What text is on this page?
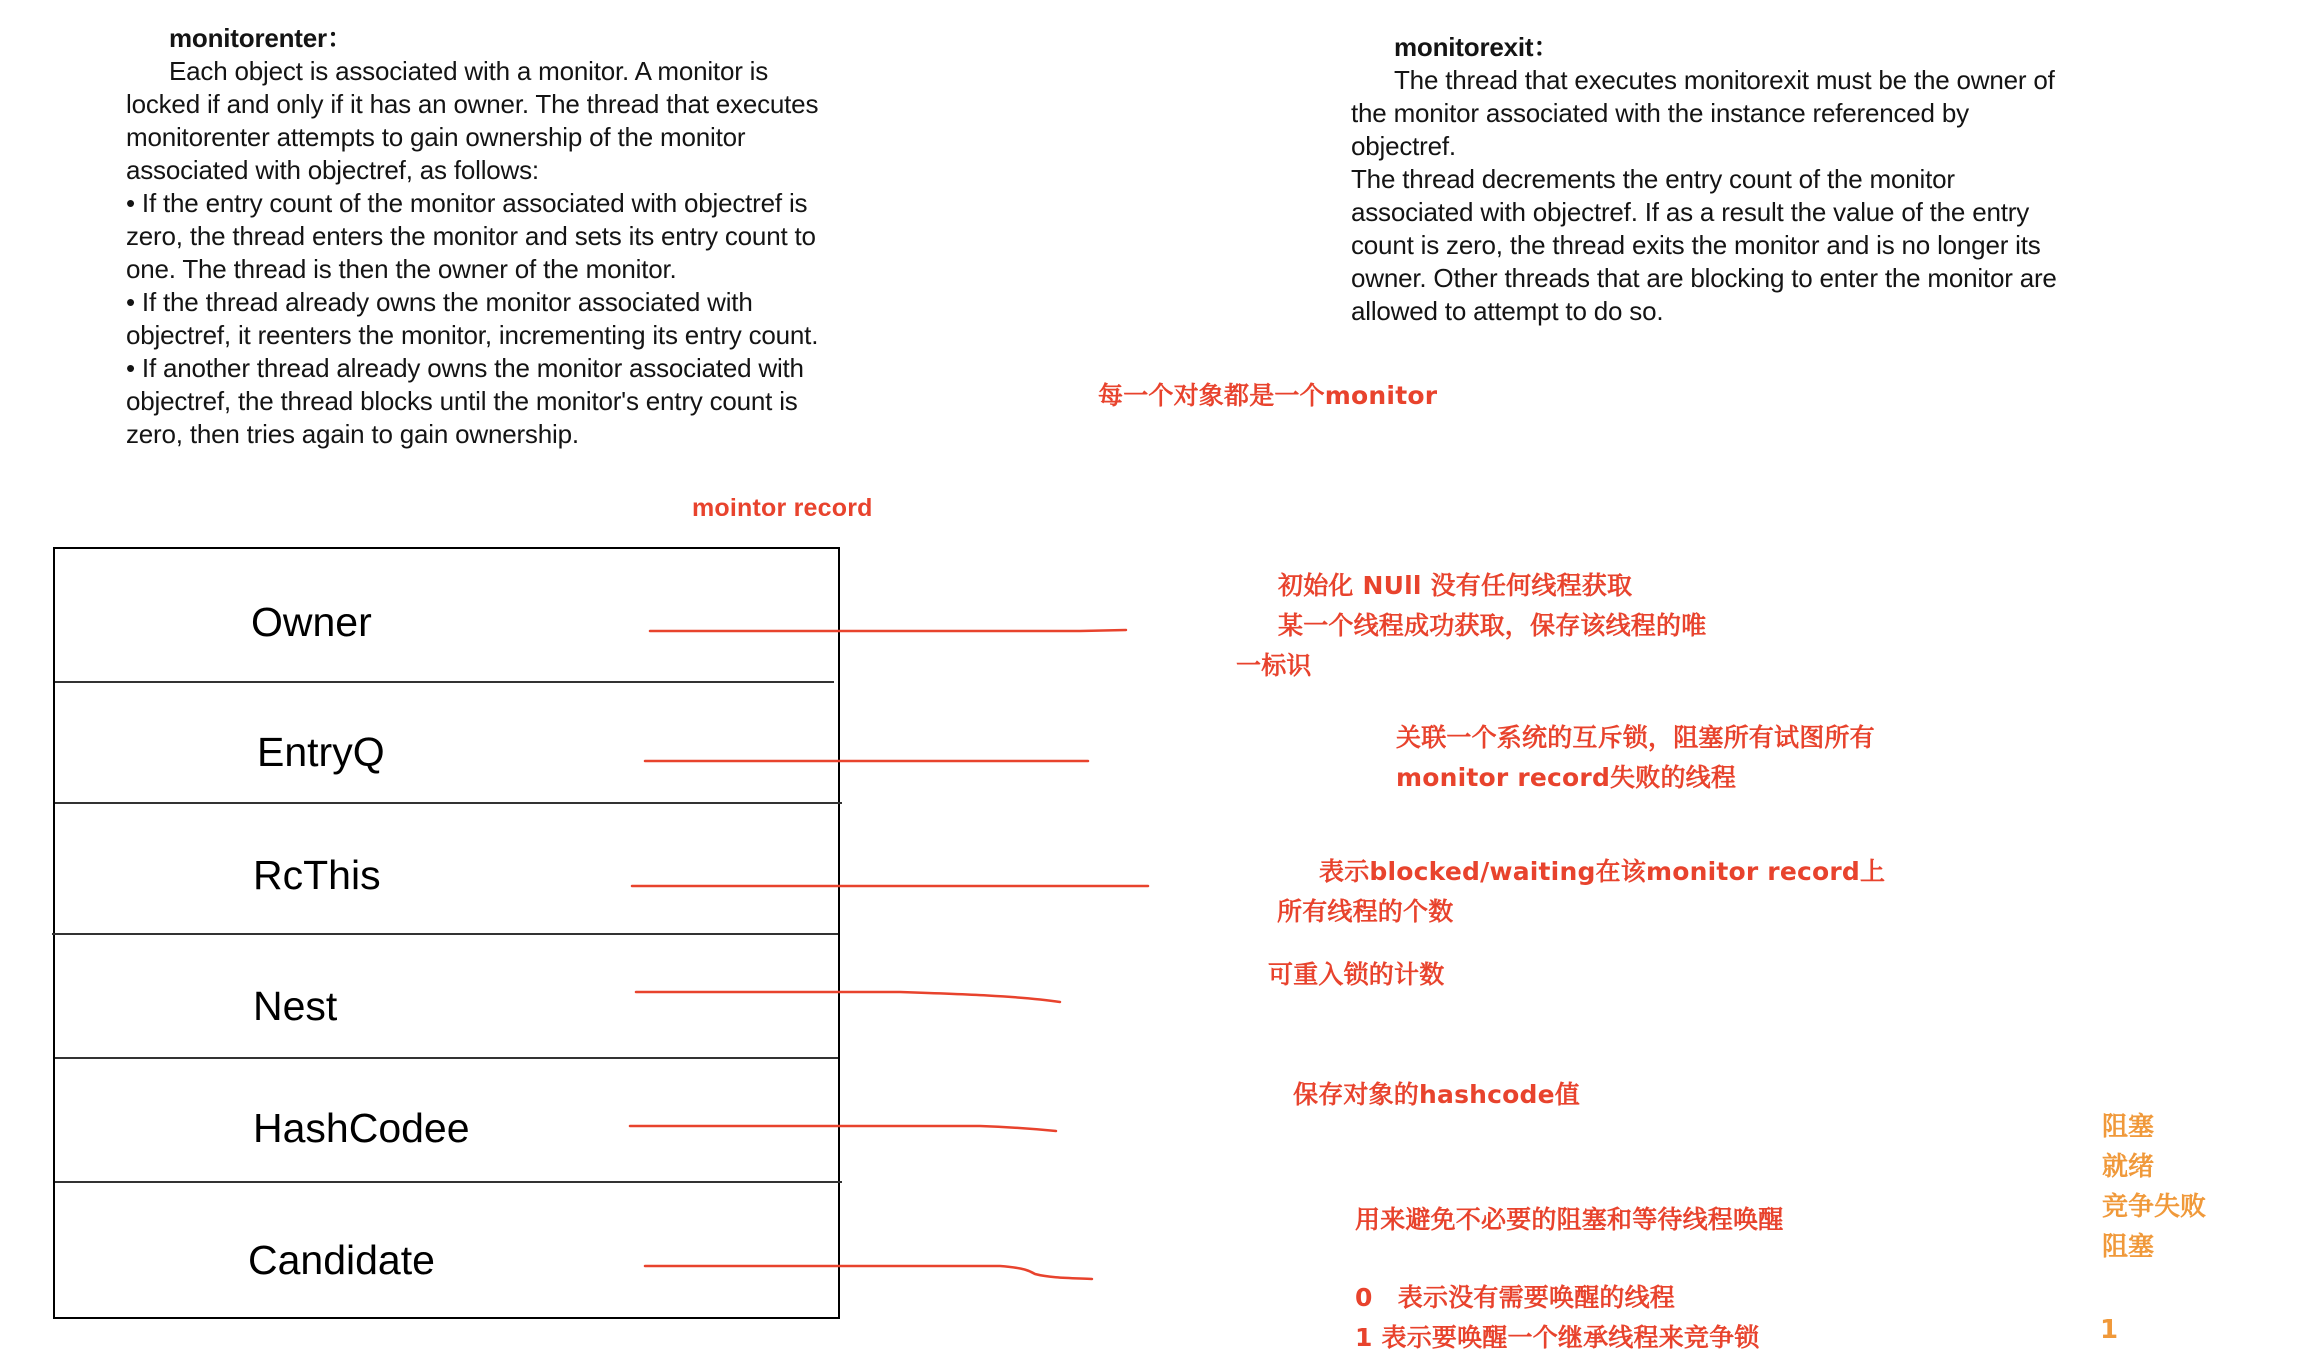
monitorenter：

Each object is associated with a monitor. A monitor is

locked if and only if it has an owner. The thread that executes

monitorenter attempts to gain ownership of the monitor

associated with objectref, as follows:

• If the entry count of the monitor associated with objectref is

zero, the thread enters the monitor and sets its entry count to

one. The thread is then the owner of the monitor.

• If the thread already owns the monitor associated with

objectref, it reenters the monitor, incrementing its entry count.

• If another thread already owns the monitor associated with

objectref, the thread blocks until the monitor's entry count is

zero, then tries again to gain ownership.

monitorexit：

The thread that executes monitorexit must be the owner of

the monitor associated with the instance referenced by

objectref.

The thread decrements the entry count of the monitor

associated with objectref. If as a result the value of the entry

count is zero, the thread exits the monitor and is no longer its

owner. Other threads that are blocking to enter the monitor are

allowed to attempt to do so.

每一个对象都是一个monitor
mointor record
初始化 NUll 没有任何线程获取
某一个线程成功获取，保存该线程的唯
一标识
关联一个系统的互斥锁，阻塞所有试图所有
monitor record失败的线程
表示blocked/waiting在该monitor record上
所有线程的个数
可重入锁的计数
保存对象的hashcode值
用来避免不必要的阻塞和等待线程唤醒
0　表示没有需要唤醒的线程
1 表示要唤醒一个继承线程来竞争锁
阻塞
就绪
竞争失败
阻塞
1
Owner
EntryQ
RcThis
Nest
HashCodee
Candidate
